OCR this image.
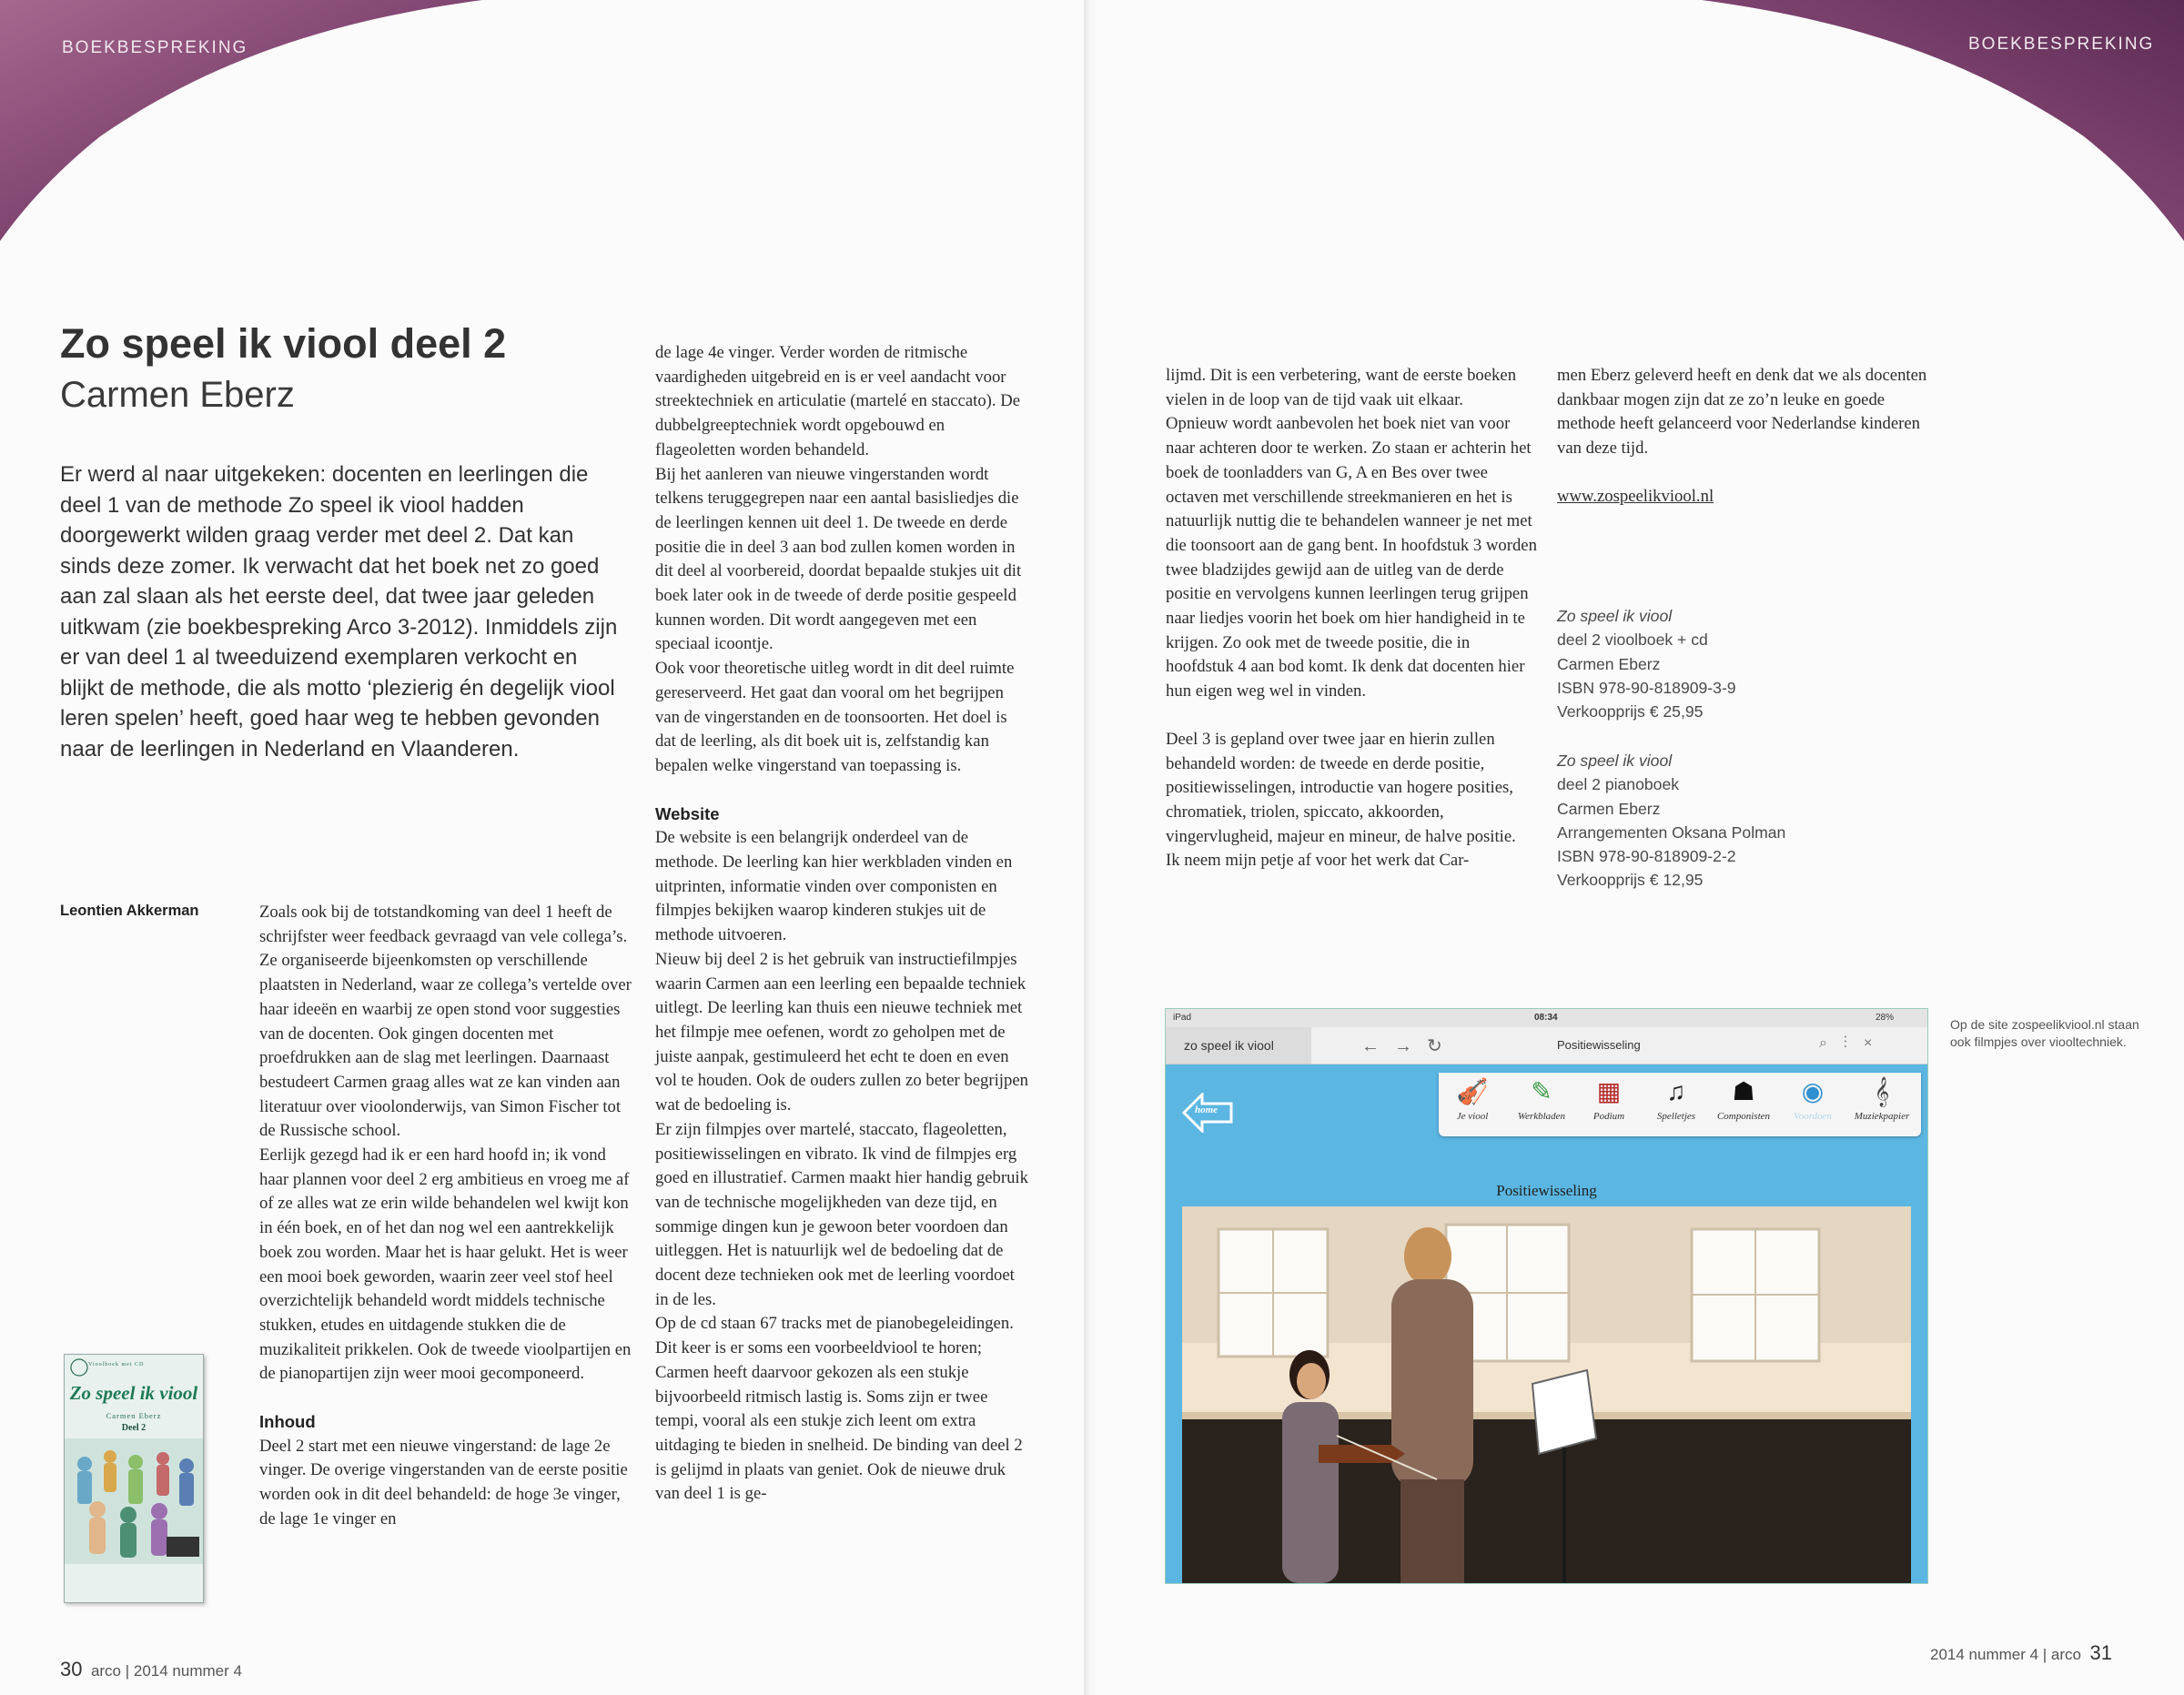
BOEKBESPREKING
Zo speel ik viool deel 2
Carmen Eberz

Er werd al naar uitgekeken: docenten en leerlingen die deel 1 van de methode Zo speel ik viool hadden doorgewerkt wilden graag verder met deel 2. Dat kan sinds deze zomer. Ik verwacht dat het boek net zo goed aan zal slaan als het eerste deel, dat twee jaar geleden uitkwam (zie boekbespreking Arco 3-2012). Inmiddels zijn er van deel 1 al tweeduizend exemplaren verkocht en blijkt de methode, die als motto ‘plezierig én degelijk viool leren spelen’ heeft, goed haar weg te hebben gevonden naar de leerlingen in Nederland en Vlaanderen.

Leontien Akkerman	Zoals ook bij de totstandkoming van deel 1 heeft de schrijfster weer feedback gevraagd van vele collega’s. Ze organiseerde bijeenkomsten op verschillende plaatsten in Nederland, waar ze collega’s vertelde over haar ideeën en waarbij ze open stond voor suggesties van de docenten. Ook gingen docenten met proefdrukken aan de slag met leerlingen. Daarnaast bestudeert Carmen graag alles wat ze kan vinden aan literatuur over vioolonderwijs, van Simon Fischer tot de Russische school.

Eerlijk gezegd had ik er een hard hoofd in; ik vond haar plannen voor deel 2 erg ambitieus en vroeg me af of ze alles wat ze erin wilde behandelen wel kwijt kon in één boek, en of het dan nog wel een aantrekkelijk boek zou worden. Maar het is haar gelukt. Het is weer een mooi boek geworden, waarin zeer veel stof heel overzichtelijk behandeld wordt middels technische stukken, etudes en uitdagende stukken die de muzikaliteit prikkelen. Ook de tweede vioolpartijen en de pianopartijen zijn weer mooi gecomponeerd.

Inhoud

Deel 2 start met een nieuwe vingerstand: de lage 2e vinger. De overige vingerstanden van de eerste positie worden ook in dit deel behandeld: de hoge 3e vinger, de lage 1e vinger en

de lage 4e vinger. Verder worden de ritmische vaardigheden uitgebreid en is er veel aandacht voor streektechniek en articulatie (martelé en staccato). De dubbelgreeptechniek wordt opgebouwd en flageoletten worden behandeld.

Bij het aanleren van nieuwe vingerstanden wordt telkens teruggegrepen naar een aantal basisliedjes die de leerlingen kennen uit deel 1. De tweede en derde positie die in deel 3 aan bod zullen komen worden in dit deel al voorbereid, doordat bepaalde stukjes uit dit boek later ook in de tweede of derde positie gespeeld kunnen worden. Dit wordt aangegeven met een speciaal icoontje.

Ook voor theoretische uitleg wordt in dit deel ruimte gereserveerd. Het gaat dan vooral om het begrijpen van de vingerstanden en de toonsoorten. Het doel is dat de leerling, als dit boek uit is, zelfstandig kan bepalen welke vingerstand van toepassing is.

Website

De website is een belangrijk onderdeel van de methode. De leerling kan hier werkbladen vinden en uitprinten, informatie vinden over componisten en filmpjes bekijken waarop kinderen stukjes uit de methode uitvoeren.

Nieuw bij deel 2 is het gebruik van instructiefilmpjes waarin Carmen aan een leerling een bepaalde techniek uitlegt. De leerling kan thuis een nieuwe techniek met het filmpje mee oefenen, wordt zo geholpen met de juiste aanpak, gestimuleerd het echt te doen en even vol te houden. Ook de ouders zullen zo beter begrijpen wat de bedoeling is.

Er zijn filmpjes over martelé, staccato, flageoletten, positiewisselingen en vibrato. Ik vind de filmpjes erg goed en illustratief. Carmen maakt hier handig gebruik van de technische mogelijkheden van deze tijd, en sommige dingen kun je gewoon beter voordoen dan uitleggen. Het is natuurlijk wel de bedoeling dat de docent deze technieken ook met de leerling voordoet in de les.

Op de cd staan 67 tracks met de pianobegeleidingen. Dit keer is er soms een voorbeeldviool te horen; Carmen heeft daarvoor gekozen als een stukje bijvoorbeeld ritmisch lastig is. Soms zijn er twee tempi, vooral als een stukje zich leent om extra uitdaging te bieden in snelheid. De binding van deel 2 is gelijmd in plaats van geniet. Ook de nieuwe druk van deel 1 is ge-

Vioolboek met CD
Zo speel ik viool
Carmen Eberz
Deel 2
30 arco | 2014 nummer 4
BOEKBESPREKING

lijmd. Dit is een verbetering, want de eerste boeken vielen in de loop van de tijd vaak uit elkaar.

Opnieuw wordt aanbevolen het boek niet van voor naar achteren door te werken. Zo staan er achterin het boek de toonladders van G, A en Bes over twee octaven met verschillende streekmanieren en het is natuurlijk nuttig die te behandelen wanneer je net met die toonsoort aan de gang bent. In hoofdstuk 3 worden twee bladzijdes gewijd aan de uitleg van de derde positie en vervolgens kunnen leerlingen terug grijpen naar liedjes voorin het boek om hier handigheid in te krijgen. Zo ook met de tweede positie, die in hoofdstuk 4 aan bod komt. Ik denk dat docenten hier hun eigen weg wel in vinden.

Deel 3 is gepland over twee jaar en hierin zullen behandeld worden: de tweede en derde positie, positiewisselingen, introductie van hogere posities, chromatiek, triolen, spiccato, akkoorden, vingervlugheid, majeur en mineur, de halve positie.

Ik neem mijn petje af voor het werk dat Car-

men Eberz geleverd heeft en denk dat we als docenten dankbaar mogen zijn dat ze zo’n leuke en goede methode heeft gelanceerd voor Nederlandse kinderen van deze tijd.

www.zospeelikviool.nl

Zo speel ik viool

deel 2 vioolboek + cd

Carmen Eberz

ISBN 978-90-818909-3-9

Verkoopprijs € 25,95

Zo speel ik viool

deel 2 pianoboek

Carmen Eberz

Arrangementen Oksana Polman

ISBN 978-90-818909-2-2

Verkoopprijs € 12,95

iPad	08:34	28%
zo speel ik viool	←→↻	Positiewisseling	⌕⋮×
home
🎻
Je viool
✎
Werkbladen
▦
Podium
♫
Spelletjes
☗
Componisten
◉
Voordoen
𝄞
Muziekpapier
Positiewisseling
Op de site zospeelikviool.nl staan ook filmpjes over viooltechniek.
2014 nummer 4 | arco 31
